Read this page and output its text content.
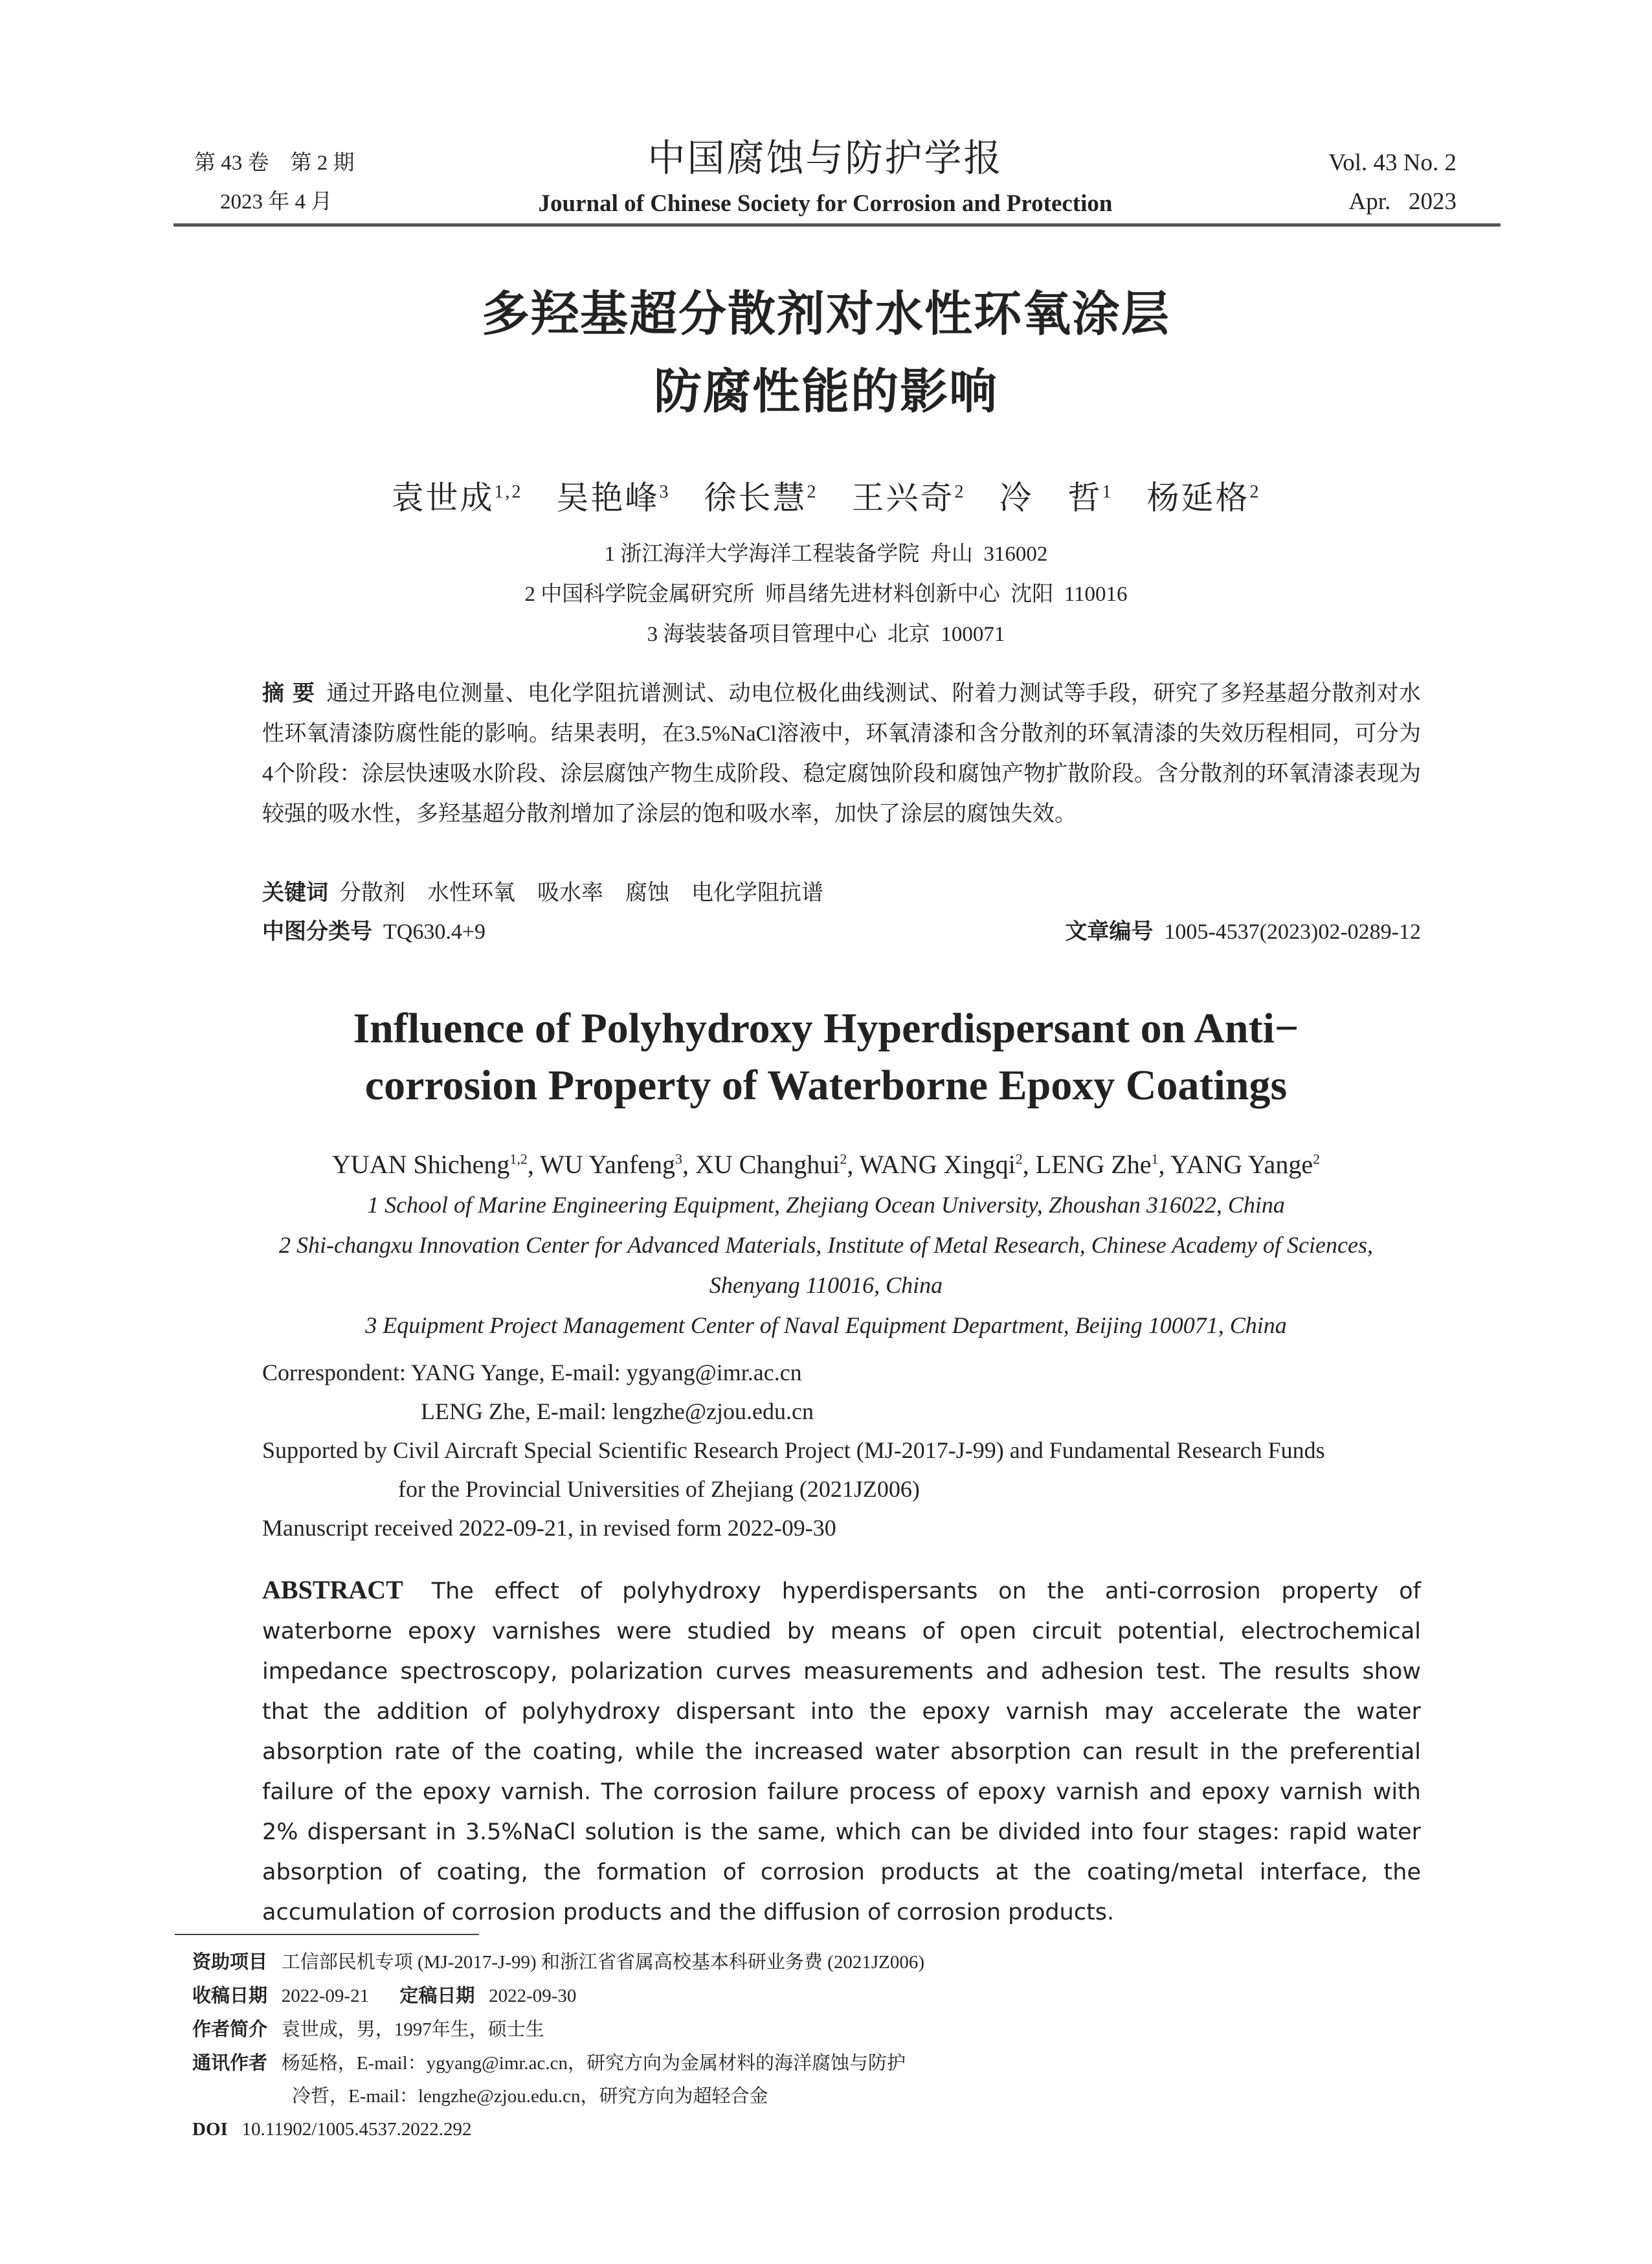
第 43 卷　第 2 期
2023 年 4 月
中国腐蚀与防护学报
Journal of Chinese Society for Corrosion and Protection
Vol. 43 No. 2
Apr.   2023
多羟基超分散剂对水性环氧涂层
防腐性能的影响
袁世成$^{1,2}$ 吴艳峰$^3$ 徐长慧$^2$ 王兴奇$^2$ 冷　哲$^1$ 杨延格$^2$
1 浙江海洋大学海洋工程装备学院  舟山  316002
2 中国科学院金属研究所  师昌绪先进材料创新中心  沈阳  110016
3 海装装备项目管理中心  北京  100071
摘 要 通过开路电位测量、电化学阻抗谱测试、动电位极化曲线测试、附着力测试等手段，研究了多羟基超分散剂对水性环氧清漆防腐性能的影响。结果表明，在3.5%NaCl溶液中，环氧清漆和含分散剂的环氧清漆的失效历程相同，可分为4个阶段：涂层快速吸水阶段、涂层腐蚀产物生成阶段、稳定腐蚀阶段和腐蚀产物扩散阶段。含分散剂的环氧清漆表现为较强的吸水性，多羟基超分散剂增加了涂层的饱和吸水率，加快了涂层的腐蚀失效。
关键词 分散剂　水性环氧　吸水率　腐蚀　电化学阻抗谱
中图分类号 TQ630.4+9	文章编号 1005-4537(2023)02-0289-12
Influence of Polyhydroxy Hyperdispersant on Anti−
corrosion Property of Waterborne Epoxy Coatings
YUAN Shicheng$^{1,2}$, WU Yanfeng$^3$, XU Changhui$^2$, WANG Xingqi$^2$, LENG Zhe$^1$, YANG Yange$^2$
1 School of Marine Engineering Equipment, Zhejiang Ocean University, Zhoushan 316022, China
2 Shi-changxu Innovation Center for Advanced Materials, Institute of Metal Research, Chinese Academy of Sciences, Shenyang 110016, China
3 Equipment Project Management Center of Naval Equipment Department, Beijing 100071, China
Correspondent: YANG Yange, E-mail: ygyang@imr.ac.cn
LENG Zhe, E-mail: lengzhe@zjou.edu.cn
Supported by Civil Aircraft Special Scientific Research Project (MJ-2017-J-99) and Fundamental Research Funds
for the Provincial Universities of Zhejiang (2021JZ006)
Manuscript received 2022-09-21, in revised form 2022-09-30
ABSTRACT The effect of polyhydroxy hyperdispersants on the anti-corrosion property of waterborne epoxy varnishes were studied by means of open circuit potential, electrochemical impedance spectroscopy, polarization curves measurements and adhesion test. The results show that the addition of polyhydroxy dispersant into the epoxy varnish may accelerate the water absorption rate of the coating, while the increased water absorption can result in the preferential failure of the epoxy varnish. The corrosion failure process of epoxy varnish and epoxy varnish with 2% dispersant in 3.5%NaCl solution is the same, which can be divided into four stages: rapid water absorption of coating, the formation of corrosion products at the coating/metal interface, the accumulation of corrosion products and the diffusion of corrosion products.
资助项目 工信部民机专项 (MJ-2017-J-99) 和浙江省省属高校基本科研业务费 (2021JZ006)
收稿日期 2022-09-21 定稿日期 2022-09-30
作者简介 袁世成，男，1997年生，硕士生
通讯作者 杨延格，E-mail：ygyang@imr.ac.cn，研究方向为金属材料的海洋腐蚀与防护
冷哲，E-mail：lengzhe@zjou.edu.cn，研究方向为超轻合金
DOI 10.11902/1005.4537.2022.292
